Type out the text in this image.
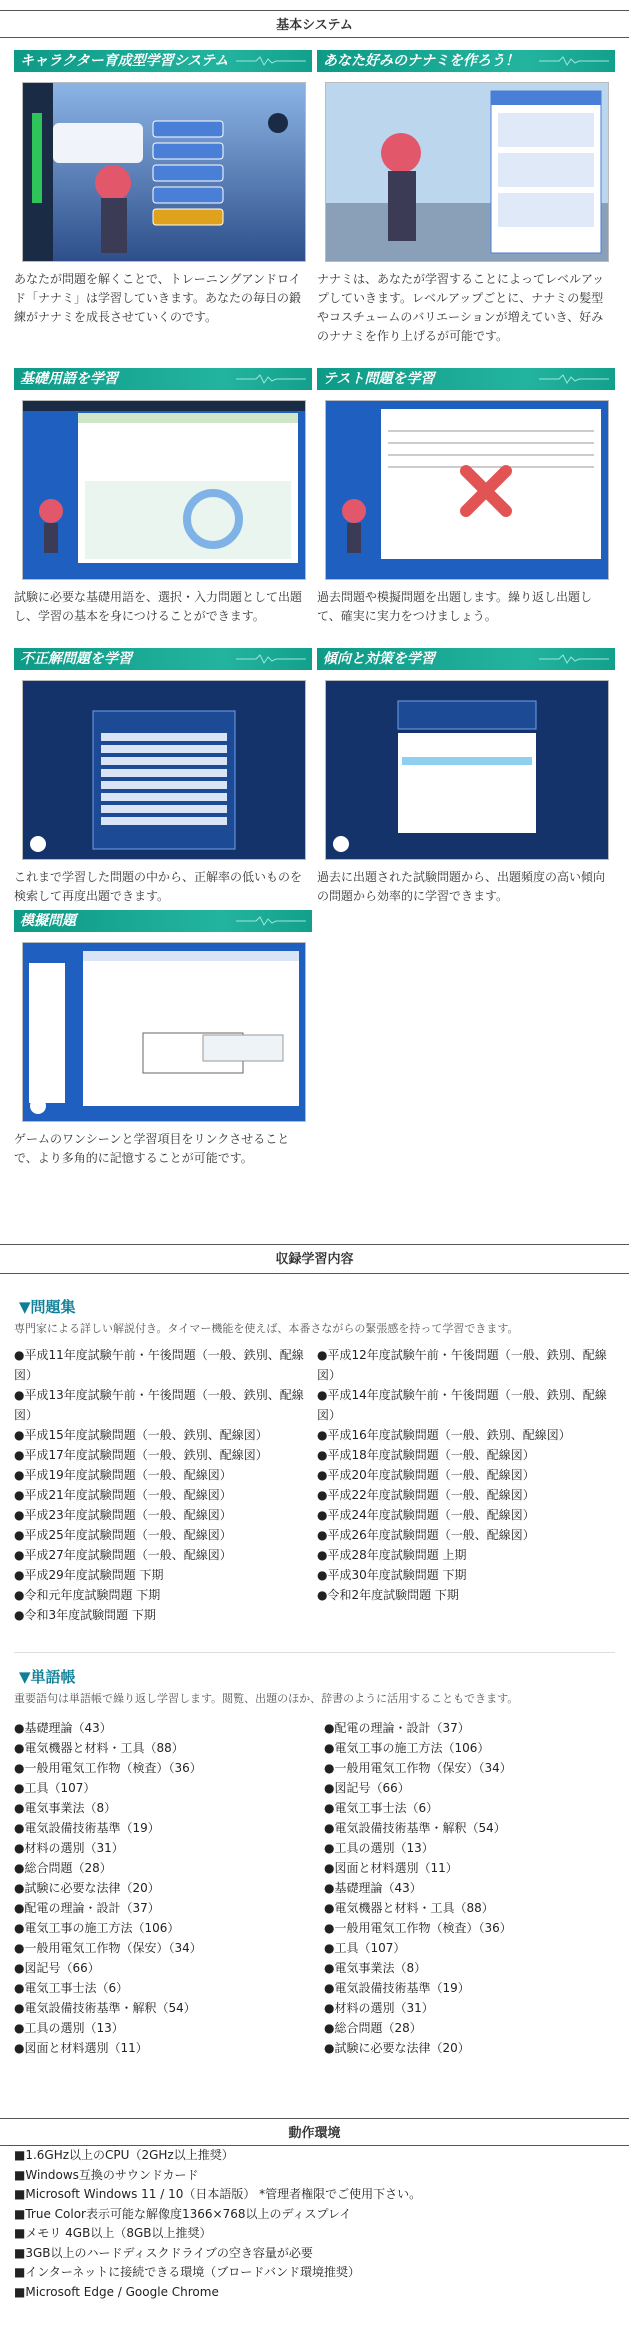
基本システム
キャラクター育成型学習システム
あなたが問題を解くことで、トレーニングアンドロイド「ナナミ」は学習していきます。あなたの毎日の鍛練がナナミを成長させていくのです。
あなた好みのナナミを作ろう！
ナナミは、あなたが学習することによってレベルアップしていきます。レベルアップごとに、ナナミの髪型やコスチュームのバリエーションが増えていき、好みのナナミを作り上げるが可能です。
基礎用語を学習
試験に必要な基礎用語を、選択・入力問題として出題し、学習の基本を身につけることができます。
テスト問題を学習
過去問題や模擬問題を出題します。繰り返し出題して、確実に実力をつけましょう。
不正解問題を学習
これまで学習した問題の中から、正解率の低いものを検索して再度出題できます。
傾向と対策を学習
過去に出題された試験問題から、出題頻度の高い傾向の問題から効率的に学習できます。
模擬問題
ゲームのワンシーンと学習項目をリンクさせることで、より多角的に記憶することが可能です。
収録学習内容
▼問題集
専門家による詳しい解説付き。タイマー機能を使えば、本番さながらの緊張感を持って学習できます。
●平成11年度試験午前・午後問題（一般、鉄別、配線図）
●平成13年度試験午前・午後問題（一般、鉄別、配線図）
●平成15年度試験問題（一般、鉄別、配線図）
●平成17年度試験問題（一般、鉄別、配線図）
●平成19年度試験問題（一般、配線図）
●平成21年度試験問題（一般、配線図）
●平成23年度試験問題（一般、配線図）
●平成25年度試験問題（一般、配線図）
●平成27年度試験問題（一般、配線図）
●平成29年度試験問題 下期
●令和元年度試験問題 下期
●令和3年度試験問題 下期
●平成12年度試験午前・午後問題（一般、鉄別、配線図）
●平成14年度試験午前・午後問題（一般、鉄別、配線図）
●平成16年度試験問題（一般、鉄別、配線図）
●平成18年度試験問題（一般、配線図）
●平成20年度試験問題（一般、配線図）
●平成22年度試験問題（一般、配線図）
●平成24年度試験問題（一般、配線図）
●平成26年度試験問題（一般、配線図）
●平成28年度試験問題 上期
●平成30年度試験問題 下期
●令和2年度試験問題 下期
▼単語帳
重要語句は単語帳で繰り返し学習します。閲覧、出題のほか、辞書のように活用することもできます。
●基礎理論（43）
●電気機器と材料・工具（88）
●一般用電気工作物（検査）（36）
●工具（107）
●電気事業法（8）
●電気設備技術基準（19）
●材料の選別（31）
●総合問題（28）
●試験に必要な法律（20）
●配電の理論・設計（37）
●電気工事の施工方法（106）
●一般用電気工作物（保安）（34）
●図記号（66）
●電気工事士法（6）
●電気設備技術基準・解釈（54）
●工具の選別（13）
●図面と材料選別（11）
●配電の理論・設計（37）
●電気工事の施工方法（106）
●一般用電気工作物（保安）（34）
●図記号（66）
●電気工事士法（6）
●電気設備技術基準・解釈（54）
●工具の選別（13）
●図面と材料選別（11）
●基礎理論（43）
●電気機器と材料・工具（88）
●一般用電気工作物（検査）（36）
●工具（107）
●電気事業法（8）
●電気設備技術基準（19）
●材料の選別（31）
●総合問題（28）
●試験に必要な法律（20）
動作環境
■1.6GHz以上のCPU（2GHz以上推奨）
■Windows互換のサウンドカード
■Microsoft Windows 11 / 10（日本語版） *管理者権限でご使用下さい。
■True Color表示可能な解像度1366×768以上のディスプレイ
■メモリ 4GB以上（8GB以上推奨）
■3GB以上のハードディスクドライブの空き容量が必要
■インターネットに接続できる環境（ブロードバンド環境推奨）
■Microsoft Edge / Google Chrome
